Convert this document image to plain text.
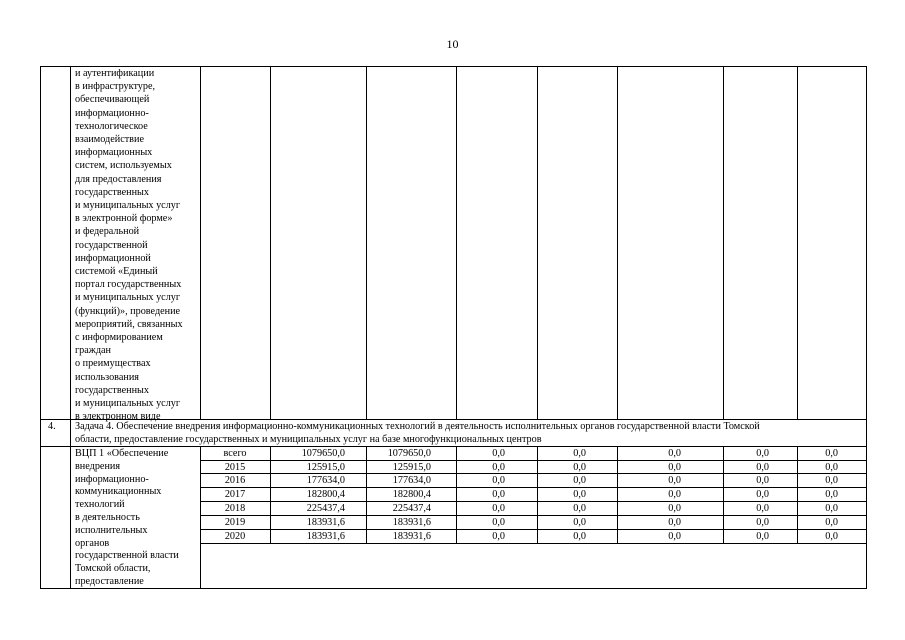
10
и аутентификации
в инфраструктуре,
обеспечивающей
информационно-
технологическое
взаимодействие
информационных
систем, используемых
для предоставления
государственных
и муниципальных услуг
в электронной форме»
и федеральной
государственной
информационной
системой «Единый
портал государственных
и муниципальных услуг
(функций)», проведение
мероприятий, связанных
с информированием
граждан
о преимуществах
использования
государственных
и муниципальных услуг
в электронном виде
4. Задача 4. Обеспечение внедрения информационно-коммуникационных технологий в деятельность исполнительных органов государственной власти Томской
области, предоставление государственных и муниципальных услуг на базе многофункциональных центров
ВЦП 1 «Обеспечение
внедрения
информационно-
коммуникационных
технологий
в деятельность
исполнительных
органов
государственной власти
Томской области,
предоставление
всего	1079650,0	1079650,0	0,0	0,0	0,0	0,0	0,0
2015	125915,0	125915,0	0,0	0,0	0,0	0,0	0,0
2016	177634,0	177634,0	0,0	0,0	0,0	0,0	0,0
2017	182800,4	182800,4	0,0	0,0	0,0	0,0	0,0
2018	225437,4	225437,4	0,0	0,0	0,0	0,0	0,0
2019	183931,6	183931,6	0,0	0,0	0,0	0,0	0,0
2020	183931,6	183931,6	0,0	0,0	0,0	0,0	0,0
